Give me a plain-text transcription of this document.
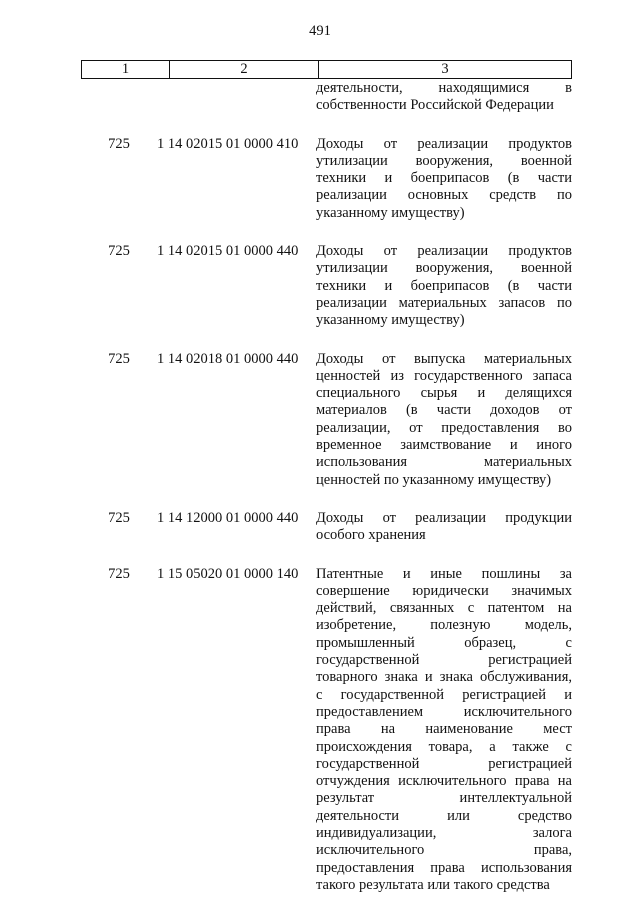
491
1	2	3
деятельности, находящимися в
собственности Российской Федерации
725	1 14 02015 01 0000 410	Доходы от реализации продуктов
утилизации вооружения, военной
техники и боеприпасов (в части
реализации основных средств по
указанному имуществу)
725	1 14 02015 01 0000 440	Доходы от реализации продуктов
утилизации вооружения, военной
техники и боеприпасов (в части
реализации материальных запасов по
указанному имуществу)
725	1 14 02018 01 0000 440	Доходы от выпуска материальных
ценностей из государственного запаса
специального сырья и делящихся
материалов (в части доходов от
реализации, от предоставления во
временное заимствование и иного
использования материальных
ценностей по указанному имуществу)
725	1 14 12000 01 0000 440	Доходы от реализации продукции
особого хранения
725	1 15 05020 01 0000 140	Патентные и иные пошлины за
совершение юридически значимых
действий, связанных с патентом на
изобретение, полезную модель,
промышленный образец, с
государственной регистрацией
товарного знака и знака обслуживания,
с государственной регистрацией и
предоставлением исключительного
права на наименование мест
происхождения товара, а также с
государственной регистрацией
отчуждения исключительного права на
результат интеллектуальной
деятельности или средство
индивидуализации, залога
исключительного права,
предоставления права использования
такого результата или такого средства
